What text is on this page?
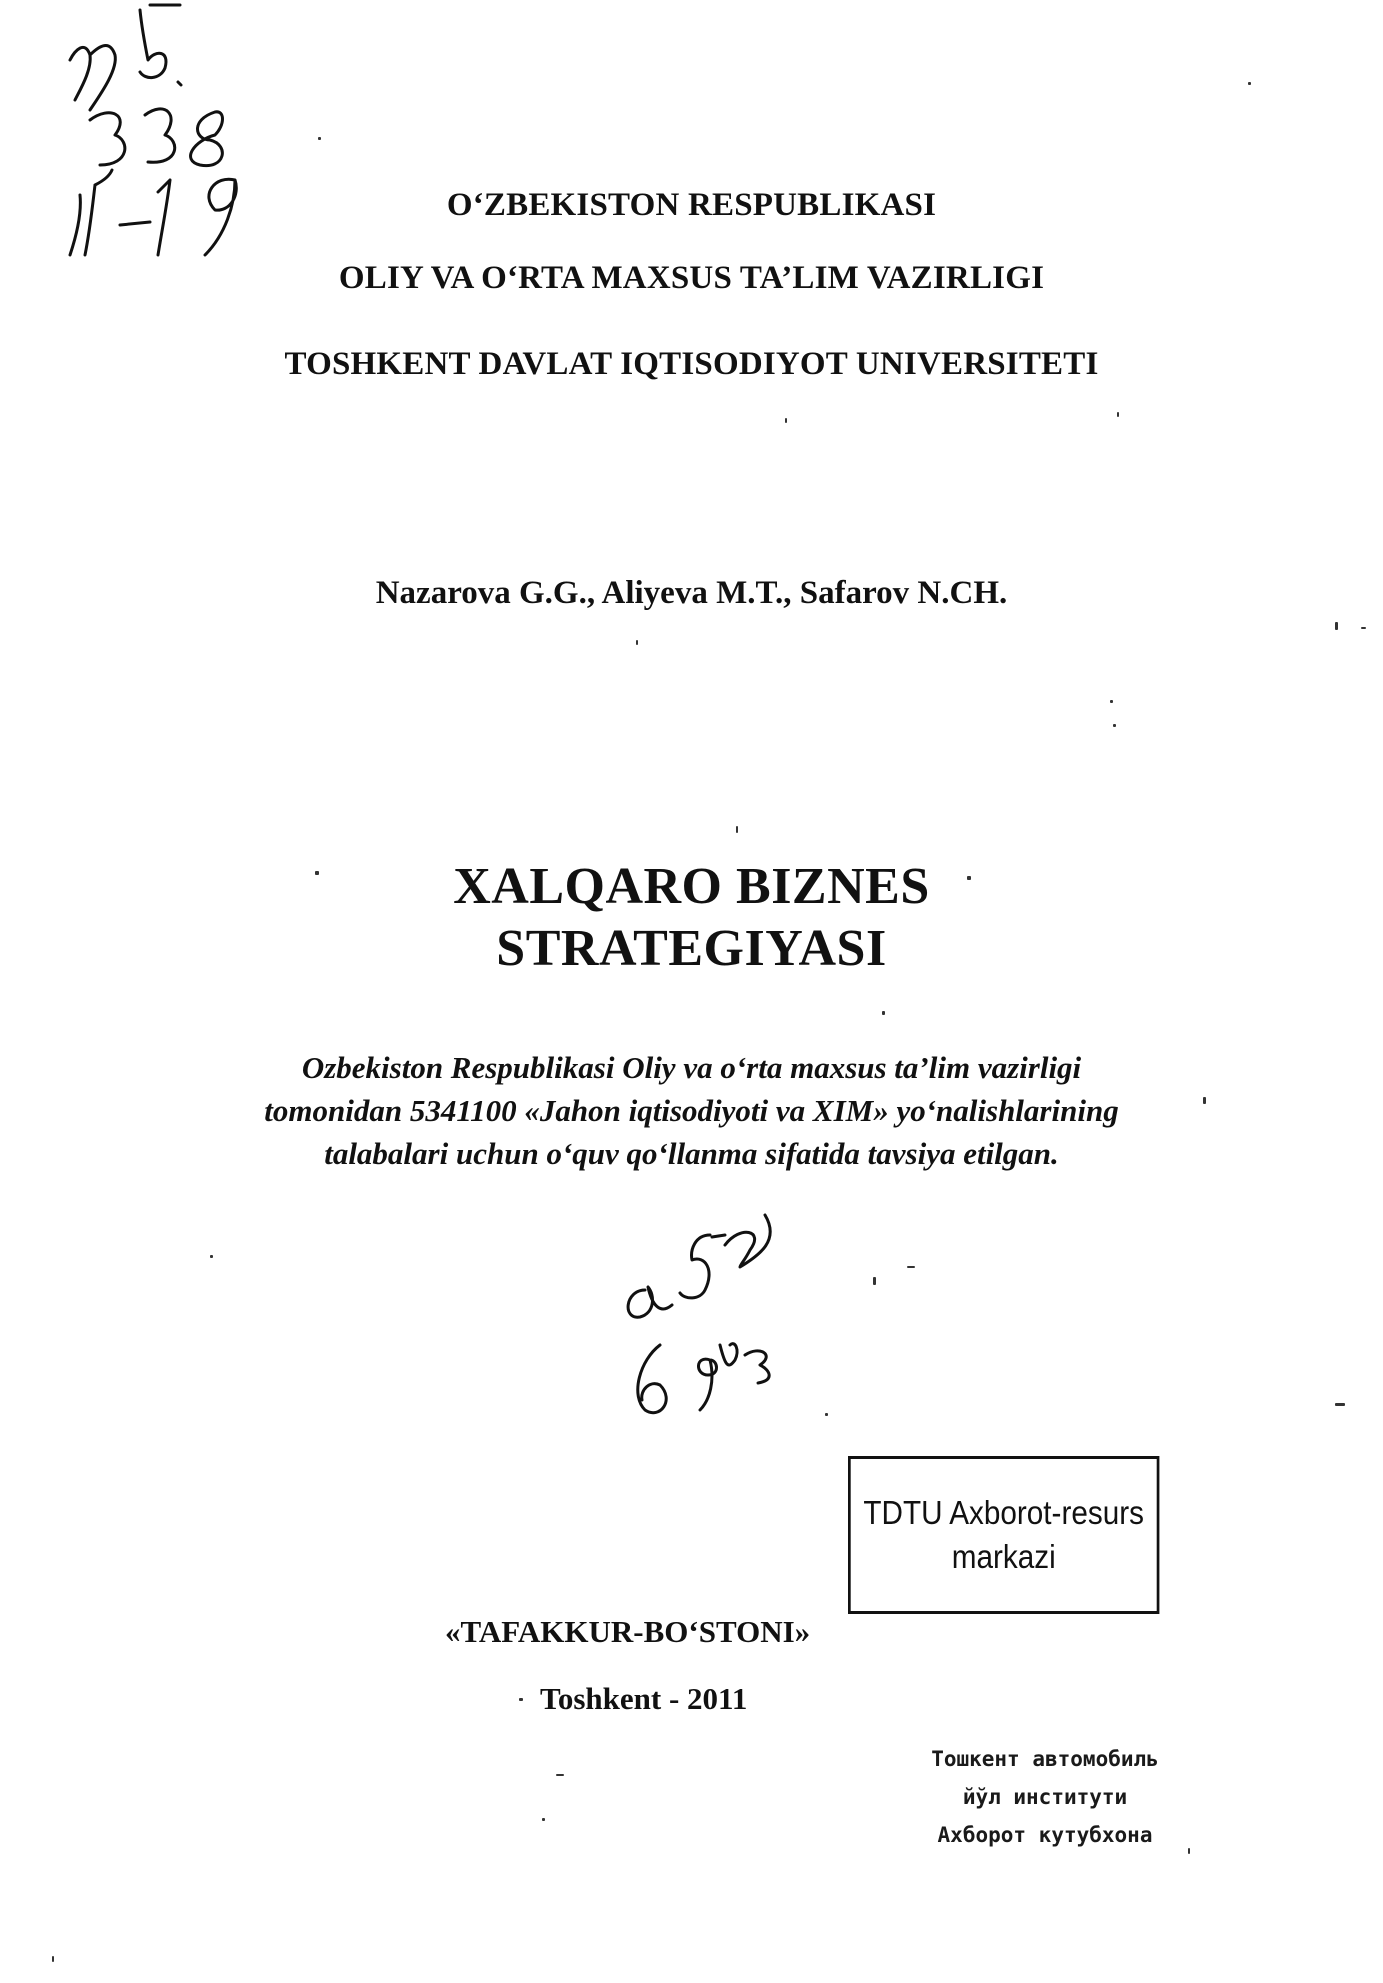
O‘ZBEKISTON RESPUBLIKASI
OLIY VA O‘RTA MAXSUS TA’LIM VAZIRLIGI
TOSHKENT DAVLAT IQTISODIYOT UNIVERSITETI
Nazarova G.G., Aliyeva M.T., Safarov N.CH.
XALQARO BIZNES
STRATEGIYASI
Ozbekiston Respublikasi Oliy va o‘rta maxsus ta’lim vazirligi
tomonidan 5341100 «Jahon iqtisodiyoti va XIM» yo‘nalishlarining
talabalari uchun o‘quv qo‘llanma sifatida tavsiya etilgan.
TDTU Axborot-resurs
markazi
«TAFAKKUR-BO‘STONI»
Toshkent - 2011
Тошкент автомобиль
йўл институти
Ахборот кутубхона
